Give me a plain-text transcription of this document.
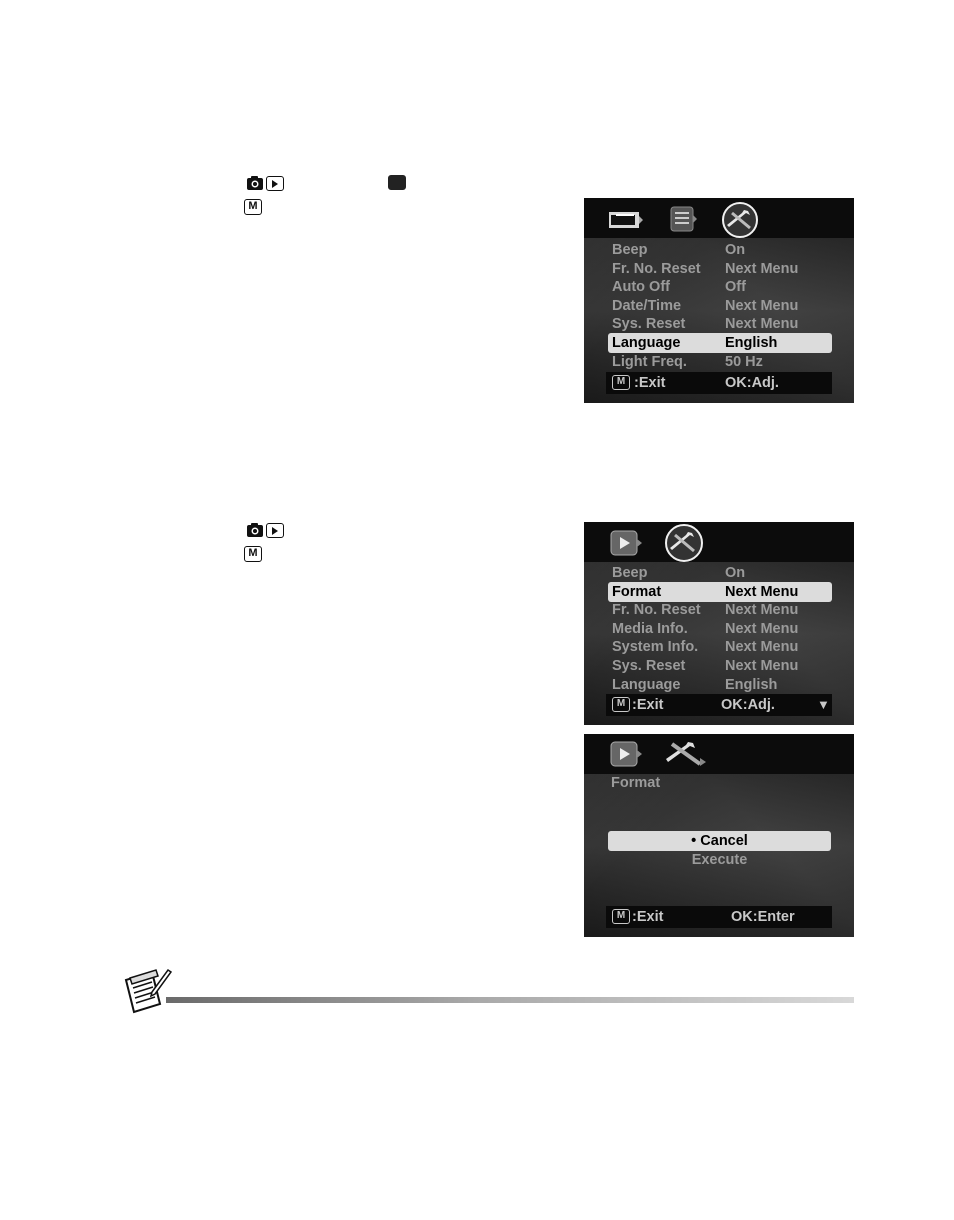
M
Beep	On
Fr. No. Reset Next Menu
Auto Off	Off
Date/Time	Next Menu
Sys. Reset	Next Menu
Language	English
Light Freq.	50 Hz
M :Exit	OK:Adj.
M
Beep	On
Format	Next Menu
Fr. No. Reset Next Menu
Media Info.	Next Menu
System Info. Next Menu
Sys. Reset	Next Menu
Language	English
M :Exit	OK:Adj.	▼
Format
• Cancel
Execute
M :Exit	OK:Enter
